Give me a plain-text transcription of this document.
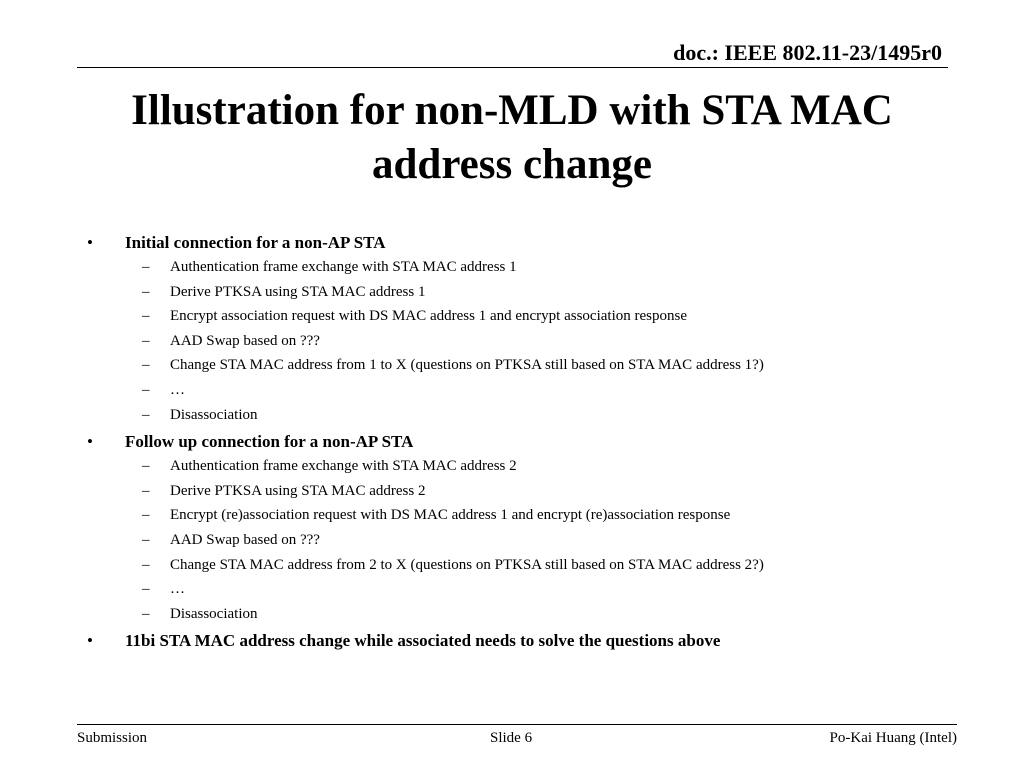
doc.: IEEE 802.11-23/1495r0
Illustration for non-MLD with STA MAC
address change
• Initial connection for a non-AP STA
– Authentication frame exchange with STA MAC address 1
– Derive PTKSA using STA MAC address 1
– Encrypt association request with DS MAC address 1 and encrypt association response
– AAD Swap based on ???
– Change STA MAC address from 1 to X (questions on PTKSA still based on STA MAC address 1?)
– …
– Disassociation
• Follow up connection for a non-AP STA
– Authentication frame exchange with STA MAC address 2
– Derive PTKSA using STA MAC address 2
– Encrypt (re)association request with DS MAC address 1 and encrypt (re)association response
– AAD Swap based on ???
– Change STA MAC address from 2 to X (questions on PTKSA still based on STA MAC address 2?)
– …
– Disassociation
• 11bi STA MAC address change while associated needs to solve the questions above
Submission	Slide 6	Po-Kai Huang (Intel)
